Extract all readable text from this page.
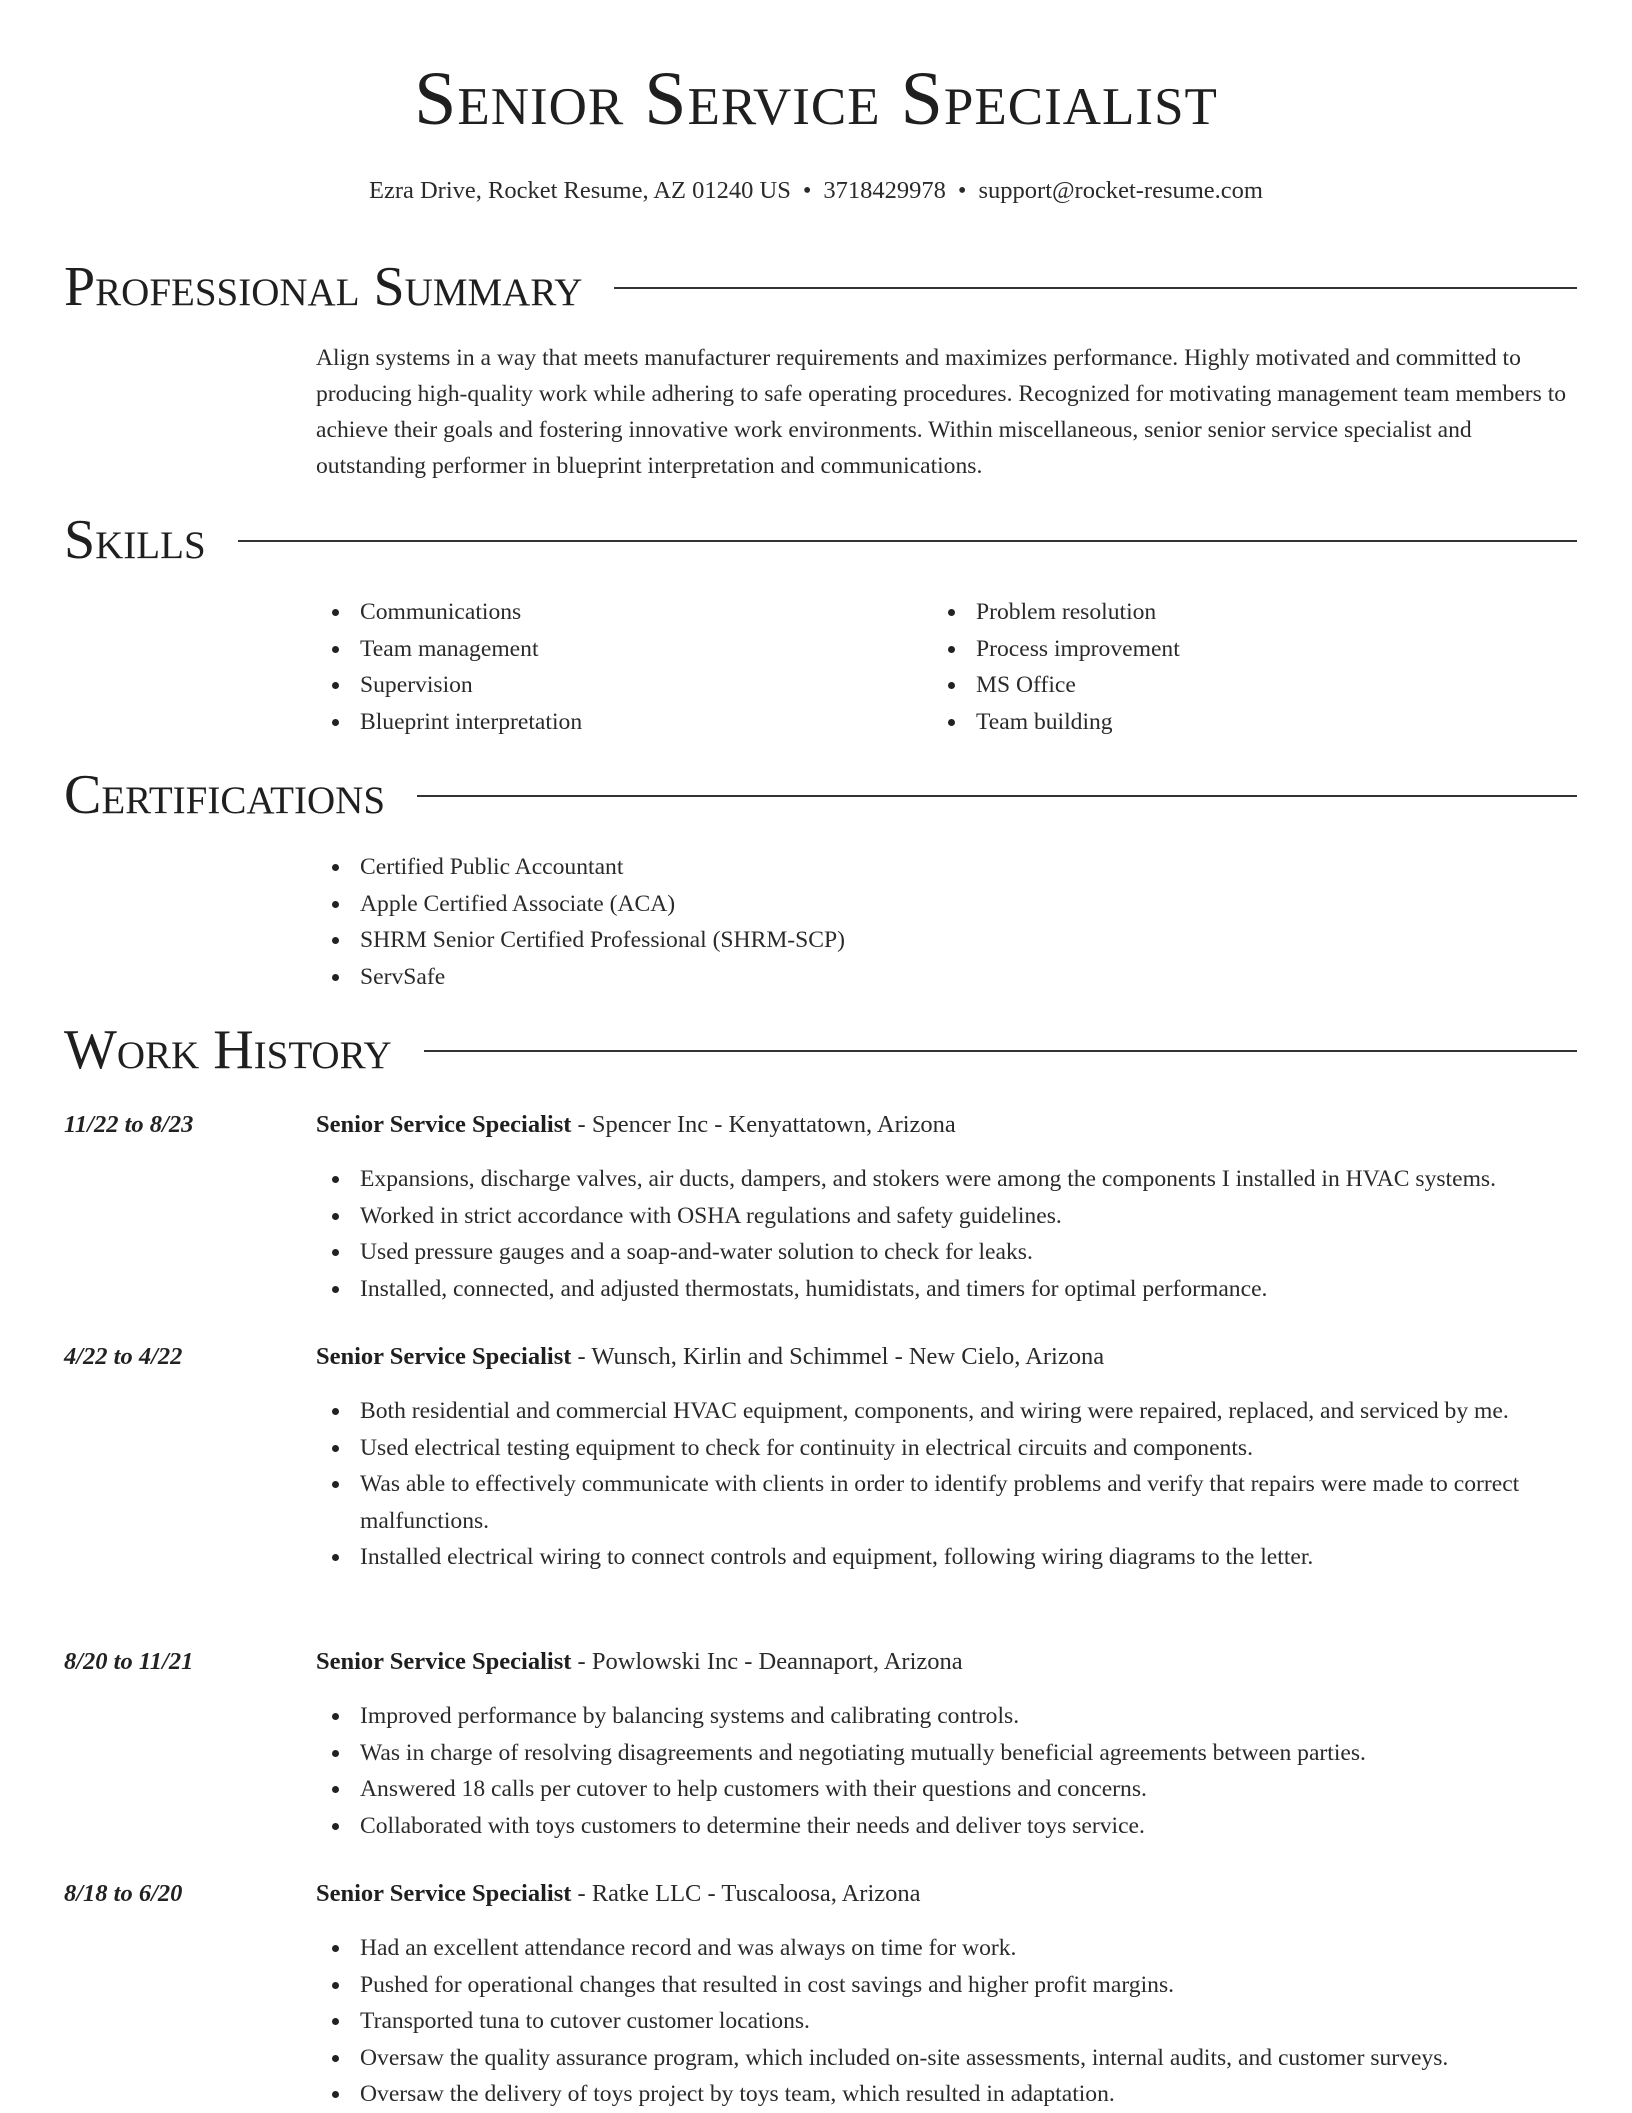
Senior Service Specialist
Ezra Drive, Rocket Resume, AZ 01240 US • 3718429978 • support@rocket-resume.com
Professional Summary

Align systems in a way that meets manufacturer requirements and maximizes performance. Highly motivated and committed to producing high-quality work while adhering to safe operating procedures. Recognized for motivating management team members to achieve their goals and fostering innovative work environments. Within miscellaneous, senior senior service specialist and outstanding performer in blueprint interpretation and communications.

Skills
Communications
Team management
Supervision
Blueprint interpretation
Problem resolution
Process improvement
MS Office
Team building
Certifications
Certified Public Accountant
Apple Certified Associate (ACA)
SHRM Senior Certified Professional (SHRM-SCP)
ServSafe
Work History
11/22 to 8/23	Senior Service Specialist - Spencer Inc - Kenyattatown, Arizona
Expansions, discharge valves, air ducts, dampers, and stokers were among the components I installed in HVAC systems.
Worked in strict accordance with OSHA regulations and safety guidelines.
Used pressure gauges and a soap-and-water solution to check for leaks.
Installed, connected, and adjusted thermostats, humidistats, and timers for optimal performance.
4/22 to 4/22	Senior Service Specialist - Wunsch, Kirlin and Schimmel - New Cielo, Arizona
Both residential and commercial HVAC equipment, components, and wiring were repaired, replaced, and serviced by me.
Used electrical testing equipment to check for continuity in electrical circuits and components.
Was able to effectively communicate with clients in order to identify problems and verify that repairs were made to correct malfunctions.
Installed electrical wiring to connect controls and equipment, following wiring diagrams to the letter.
8/20 to 11/21	Senior Service Specialist - Powlowski Inc - Deannaport, Arizona
Improved performance by balancing systems and calibrating controls.
Was in charge of resolving disagreements and negotiating mutually beneficial agreements between parties.
Answered 18 calls per cutover to help customers with their questions and concerns.
Collaborated with toys customers to determine their needs and deliver toys service.
8/18 to 6/20	Senior Service Specialist - Ratke LLC - Tuscaloosa, Arizona
Had an excellent attendance record and was always on time for work.
Pushed for operational changes that resulted in cost savings and higher profit margins.
Transported tuna to cutover customer locations.
Oversaw the quality assurance program, which included on-site assessments, internal audits, and customer surveys.
Oversaw the delivery of toys project by toys team, which resulted in adaptation.
